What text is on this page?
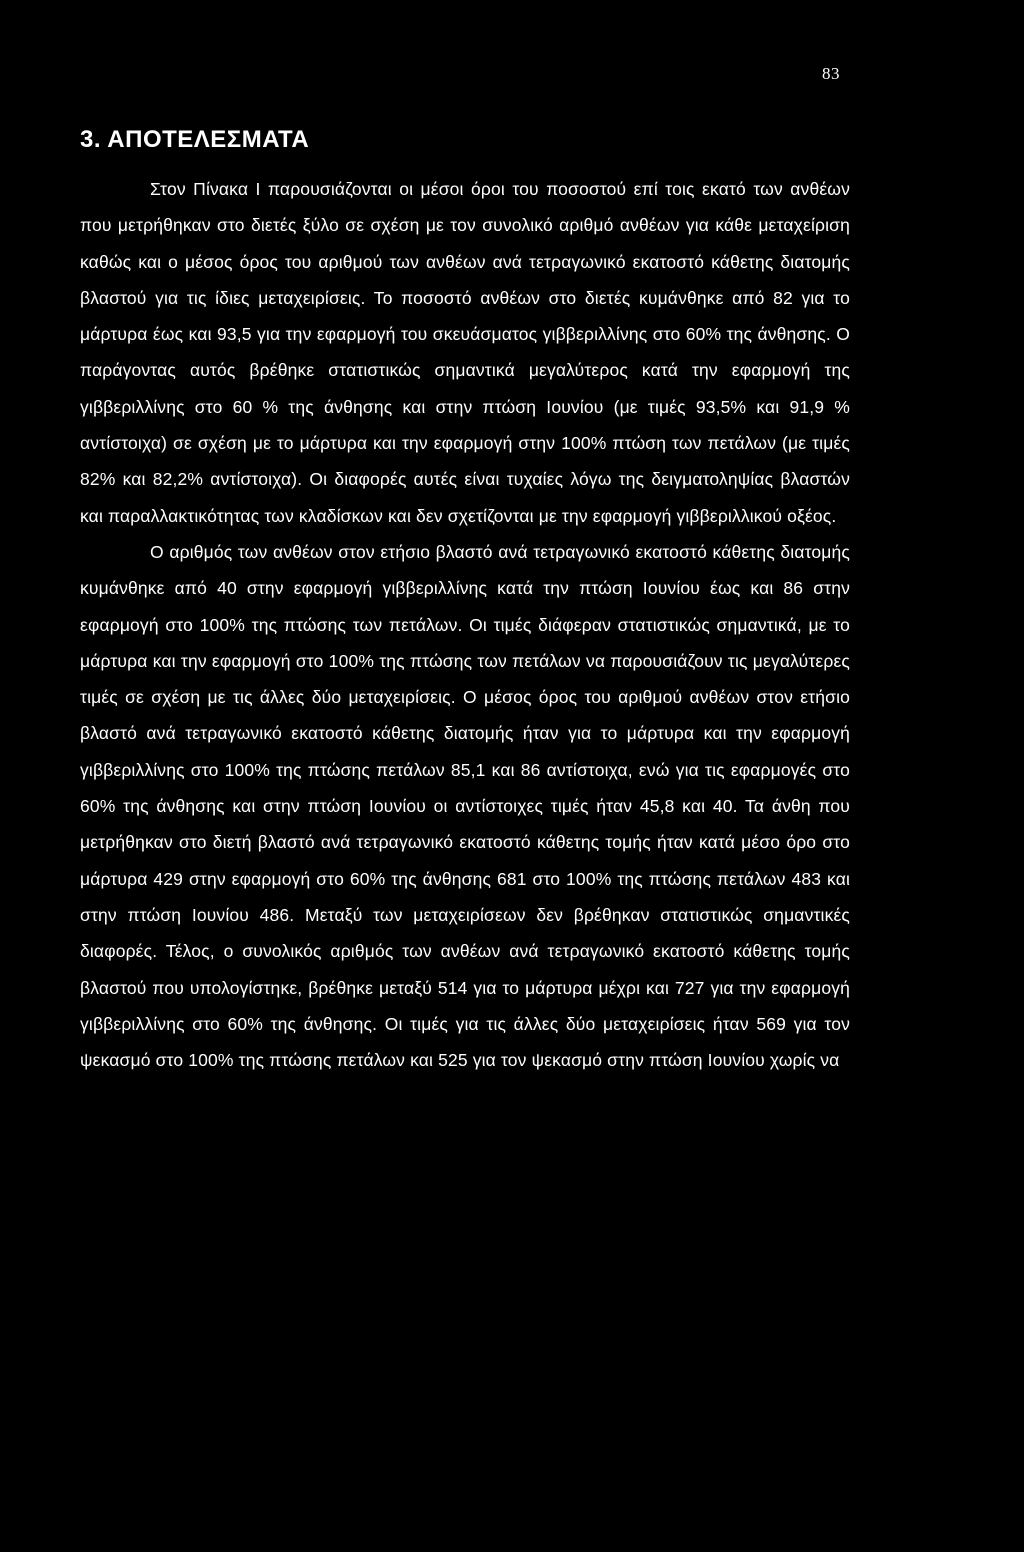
83
3. ΑΠΟΤΕΛΕΣΜΑΤΑ

Στον Πίνακα Ι παρουσιάζονται οι μέσοι όροι του ποσοστού επί τοις εκατό των ανθέων που μετρήθηκαν στο διετές ξύλο σε σχέση με τον συνολικό αριθμό ανθέων για κάθε μεταχείριση καθώς και ο μέσος όρος του αριθμού των ανθέων ανά τετραγωνικό εκατοστό κάθετης διατομής βλαστού για τις ίδιες μεταχειρίσεις. Το ποσοστό ανθέων στο διετές κυμάνθηκε από 82 για το μάρτυρα έως και 93,5 για την εφαρμογή του σκευάσματος γιββεριλλίνης στο 60% της άνθησης. Ο παράγοντας αυτός βρέθηκε στατιστικώς σημαντικά μεγαλύτερος κατά την εφαρμογή της γιββεριλλίνης στο 60 % της άνθησης και στην πτώση Ιουνίου (με τιμές 93,5% και 91,9 % αντίστοιχα) σε σχέση με το μάρτυρα και την εφαρμογή στην 100% πτώση των πετάλων (με τιμές 82% και 82,2% αντίστοιχα). Οι διαφορές αυτές είναι τυχαίες λόγω της δειγματοληψίας βλαστών και παραλλακτικότητας των κλαδίσκων και δεν σχετίζονται με την εφαρμογή γιββεριλλικού οξέος.

Ο αριθμός των ανθέων στον ετήσιο βλαστό ανά τετραγωνικό εκατοστό κάθετης διατομής κυμάνθηκε από 40 στην εφαρμογή γιββεριλλίνης κατά την πτώση Ιουνίου έως και 86 στην εφαρμογή στο 100% της πτώσης των πετάλων. Οι τιμές διάφεραν στατιστικώς σημαντικά, με το μάρτυρα και την εφαρμογή στο 100% της πτώσης των πετάλων να παρουσιάζουν τις μεγαλύτερες τιμές σε σχέση με τις άλλες δύο μεταχειρίσεις. Ο μέσος όρος του αριθμού ανθέων στον ετήσιο βλαστό ανά τετραγωνικό εκατοστό κάθετης διατομής ήταν για το μάρτυρα και την εφαρμογή γιββεριλλίνης στο 100% της πτώσης πετάλων 85,1 και 86 αντίστοιχα, ενώ για τις εφαρμογές στο 60% της άνθησης και στην πτώση Ιουνίου οι αντίστοιχες τιμές ήταν 45,8 και 40. Τα άνθη που μετρήθηκαν στο διετή βλαστό ανά τετραγωνικό εκατοστό κάθετης τομής ήταν κατά μέσο όρο στο μάρτυρα 429 στην εφαρμογή στο 60% της άνθησης 681 στο 100% της πτώσης πετάλων 483 και στην πτώση Ιουνίου 486. Μεταξύ των μεταχειρίσεων δεν βρέθηκαν στατιστικώς σημαντικές διαφορές. Τέλος, ο συνολικός αριθμός των ανθέων ανά τετραγωνικό εκατοστό κάθετης τομής βλαστού που υπολογίστηκε, βρέθηκε μεταξύ 514 για το μάρτυρα μέχρι και 727 για την εφαρμογή γιββεριλλίνης στο 60% της άνθησης. Οι τιμές για τις άλλες δύο μεταχειρίσεις ήταν 569 για τον ψεκασμό στο 100% της πτώσης πετάλων και 525 για τον ψεκασμό στην πτώση Ιουνίου χωρίς να
